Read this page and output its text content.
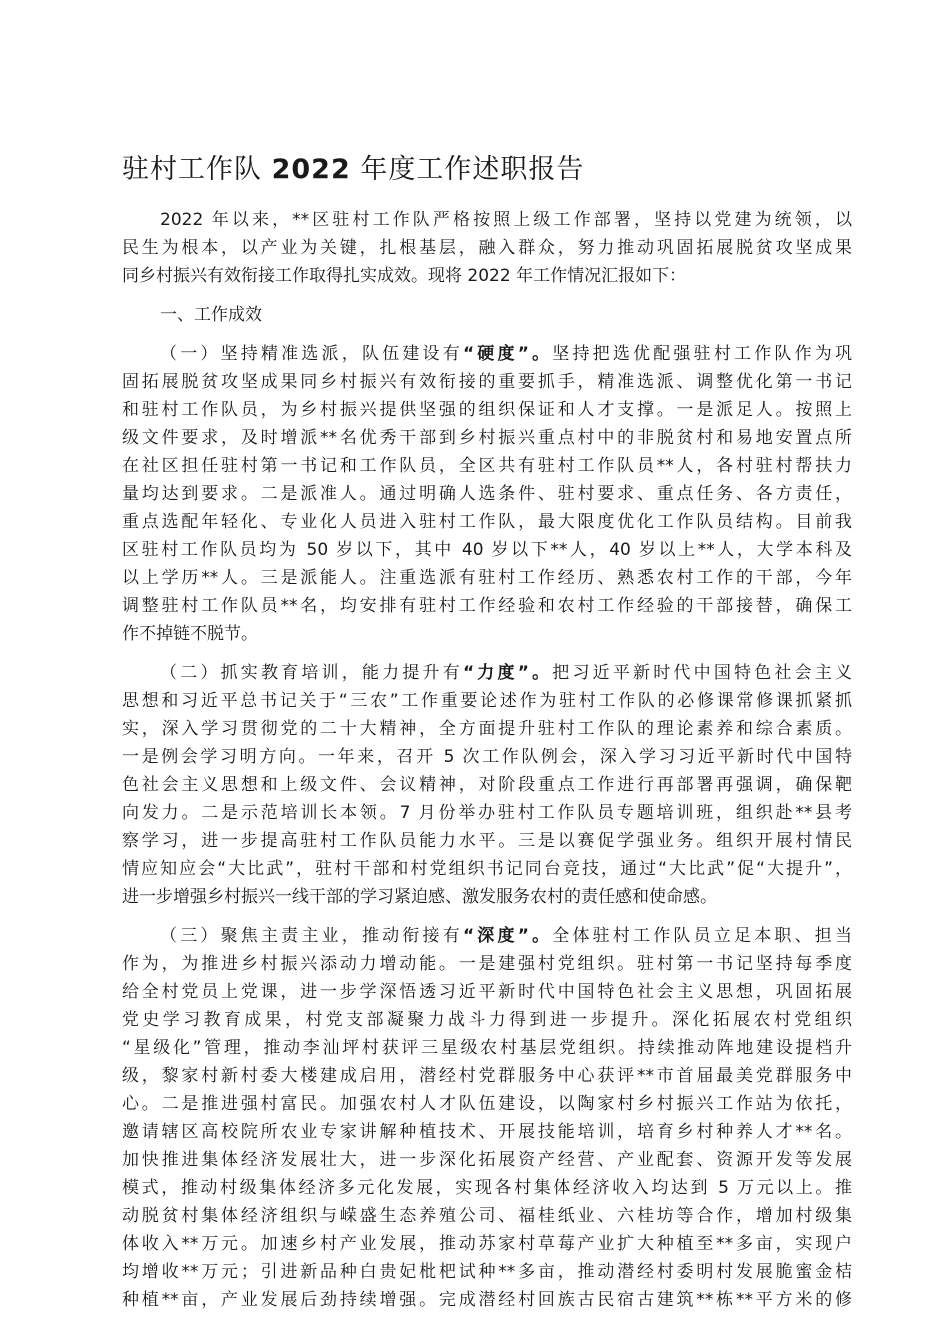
驻村工作队 2022 年度工作述职报告
2022 年以来，**区驻村工作队严格按照上级工作部署，坚持以党建为统领，以
民生为根本，以产业为关键，扎根基层，融入群众，努力推动巩固拓展脱贫攻坚成果
同乡村振兴有效衔接工作取得扎实成效。现将 2022 年工作情况汇报如下：
一、工作成效
（一）坚持精准选派，队伍建设有“硬度”。坚持把选优配强驻村工作队作为巩
固拓展脱贫攻坚成果同乡村振兴有效衔接的重要抓手，精准选派、调整优化第一书记
和驻村工作队员，为乡村振兴提供坚强的组织保证和人才支撑。一是派足人。按照上
级文件要求，及时增派**名优秀干部到乡村振兴重点村中的非脱贫村和易地安置点所
在社区担任驻村第一书记和工作队员，全区共有驻村工作队员**人，各村驻村帮扶力
量均达到要求。二是派准人。通过明确人选条件、驻村要求、重点任务、各方责任，
重点选配年轻化、专业化人员进入驻村工作队，最大限度优化工作队员结构。目前我
区驻村工作队员均为 50 岁以下，其中 40 岁以下**人，40 岁以上**人，大学本科及
以上学历**人。三是派能人。注重选派有驻村工作经历、熟悉农村工作的干部，今年
调整驻村工作队员**名，均安排有驻村工作经验和农村工作经验的干部接替，确保工
作不掉链不脱节。
（二）抓实教育培训，能力提升有“力度”。把习近平新时代中国特色社会主义
思想和习近平总书记关于“三农”工作重要论述作为驻村工作队的必修课常修课抓紧抓
实，深入学习贯彻党的二十大精神，全方面提升驻村工作队的理论素养和综合素质。
一是例会学习明方向。一年来，召开 5 次工作队例会，深入学习习近平新时代中国特
色社会主义思想和上级文件、会议精神，对阶段重点工作进行再部署再强调，确保靶
向发力。二是示范培训长本领。7 月份举办驻村工作队员专题培训班，组织赴**县考
察学习，进一步提高驻村工作队员能力水平。三是以赛促学强业务。组织开展村情民
情应知应会“大比武”，驻村干部和村党组织书记同台竞技，通过“大比武”促“大提升”，
进一步增强乡村振兴一线干部的学习紧迫感、激发服务农村的责任感和使命感。
（三）聚焦主责主业，推动衔接有“深度”。全体驻村工作队员立足本职、担当
作为，为推进乡村振兴添动力增动能。一是建强村党组织。驻村第一书记坚持每季度
给全村党员上党课，进一步学深悟透习近平新时代中国特色社会主义思想，巩固拓展
党史学习教育成果，村党支部凝聚力战斗力得到进一步提升。深化拓展农村党组织
“星级化”管理，推动李汕坪村获评三星级农村基层党组织。持续推动阵地建设提档升
级，黎家村新村委大楼建成启用，潜经村党群服务中心获评**市首届最美党群服务中
心。二是推进强村富民。加强农村人才队伍建设，以陶家村乡村振兴工作站为依托，
邀请辖区高校院所农业专家讲解种植技术、开展技能培训，培育乡村种养人才**名。
加快推进集体经济发展壮大，进一步深化拓展资产经营、产业配套、资源开发等发展
模式，推动村级集体经济多元化发展，实现各村集体经济收入均达到 5 万元以上。推
动脱贫村集体经济组织与嵘盛生态养殖公司、福桂纸业、六桂坊等合作，增加村级集
体收入**万元。加速乡村产业发展，推动苏家村草莓产业扩大种植至**多亩，实现户
均增收**万元；引进新品种白贵妃枇杷试种**多亩，推动潜经村委明村发展脆蜜金桔
种植**亩，产业发展后劲持续增强。完成潜经村回族古民宿古建筑**栋**平方米的修
